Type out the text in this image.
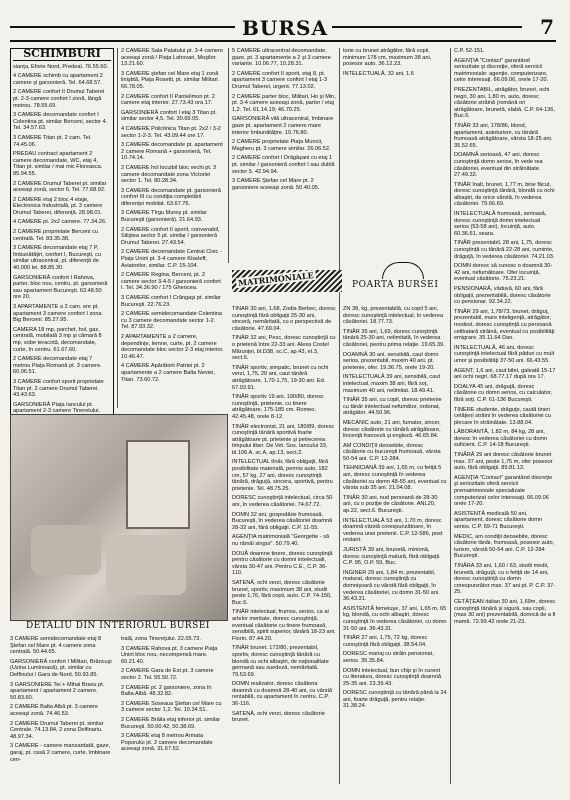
BURSA	7
SCHIMBURI

sianţa, Eforie Nord, Predeal. 76.55.60.

4 CAMERE schimb cu apartament 2 camere şi garsonieră. Tel. 64.68.57.

2 CAMERE confort II Drumul Taberei pt. 2-3 camere confort I zonă, lângă metrou. 78.55.69.

3 CAMERE decomandate confort I Colentina pt. similar Berceni, sector 4. Tel. 34.57.63.

3 CAMERE Titan pt. 2 cam. Tel. 74.45.06.

PREDAU contract apartament 2 camere decomandate, WC, etaj 4, Titan pt. similar / mai mic Floreasca. 85.94.55.

2 CAMERE Drumul Taberei pt. similar aceeaşi zonă, sector 6. Tel. 77.68.92.

2 CAMERE etaj 2 bloc 4 etaje, Electronica Industrială, pt. 3 camere Drumul Taberei, diferenţă. 28.98.01.

4 CAMERE pt. 2x2 camere. 77.34.26.

2 CAMERE proprietate Berceni cu centrală. Tel. 83.35.38.

3 CAMERE decomandate etaj 7 P, îmbunătăţiri, confort I, Bucureşti, cu similar ultracentral, pt. diferenţă de 40.000 lei. 88.85.30.

GARSONIERĂ confort I Rahova, parter, bloc nou, centru, pt. garsonieră sau apartament Bucureşti. 63.48.50 ore 20.

3 APARTAMENTE a 2 cam. ere pt. apartament 3 camere confort I zona Big Berceni. 85.27.95.

CAMERA 18 mp, parchet, hol, gaz, centrală, mobilată 3 mp şi cămară 8 mp, sobe teracotă, decomandate, curte, în centru. 61.67.60.

2 CAMERE decomandate etaj 7 metrou Piaţa Romană pt. 3 camere. 60.96.51.

3 CAMERE confort sporit proprietate Titan pt. 2 camere Drumul Taberei. 43.43.63.

GARSONIERĂ Piaţa Iancului pt. apartament 2-3 camere Tineretului.

2 CAMERE Sala Palatului pt. 3-4 camere aceeaşi zonă / Piaţa Lahovari, Moşilor. 13.21.60.

3 CAMERE ştefan cel Mare etaj 1 zonă liniştită, Piaţa Rosetti, pt. similar Militari. 66.78.05.

2 CAMERE confort II Pantelimon pt. 2 camere etaj interior. 27.73.43 ora 17.

GARSONIERĂ confort I etaj 3 Titan pt. similar sector 4,5. Tel. 30.69.05.

4 CAMERE Policlinica Titan pt. 2x2 / 3-2 sector 1-2-3. Tel. 43.09.44 ore 17.

3 CAMERE decomandate pt. apartament 2 camere Romană + garsonieră, Tel. 10.74.14.

2 CAMERE hol locuibil bloc vechi pt. 3 camere decomandate zona Victoriei sector 1. Tel. 80.28.34.

3 CAMERE decomandate pt. garsonieră confort III cu condiţia completării diferenţei mobilat. 63.67.76.

3 CAMERE Tîrgu Mureş pt. similar Bucureşti (garsonieră). 21.64.93.

2 CAMERE confort II sporit, convenabil, Siliştea sector 5 pt. similar / garsonieră Drumul Taberei. 27.43.54.

2 CAMERE decomandate Central Civic - Piaţa Unirii pt. 3-4 camere Kiseleff, Aviatorilor, similar. C.P. 15-104.

2 CAMERE Regina, Berceni, pt. 2 camere sector 3-4-5 / garsonieră confort I. Tel. 34.36.90 / 175 Ghencea.

3 CAMERE confort I Crângaşi pt. similar Bucureşti. 22.76.23.

2 CAMERE semidecomandate Colentina cu 3 camere decomandate sector 1-2. Tel. 87.93.32.

2 APARTAMENTE a 2 camere, dependinţe, lemne, curte, pt. 2 camere decomandate bloc sector 2-3 etaj interior. 10.46.47.

4 CAMERE Apărătorii Patriei pt. 2 apartamente a 2 camere Balta Neviei, Titan. 73.60.72.

5 CAMERE ultracentral decomandate, gaze, pt. 3 apartamente a 2 şi 3 camere variante. 10.06.77, 10.28.31.

2 CAMERE confort II sporit, etaj 8, pt. apartament 3 camere confort I etaj 1-3 Drumul Taberei, urgent. 77.13.02.

2 CAMERE parter bloc, Militari, Ho şi Min, pt. 3-4 camere aceeaşi zonă, parter / etaj 1,2. Tel. 61.14.19; 46.70.25.

GARSONIERĂ vilă ultracentral, îmbinare gaze pt. apartament 2 camere mare interior îmbunătăţire. 10.76.80.

2 CAMERE proprietate Piaţa Muncii, Magheru pt. 3 camere similar. 26.06.52.

2 CAMERE confort I Drăgăşani cu etaj 1 pt. similar / garsonieră confort I sau dublă sector 5. 42.94.94.

3 CAMERE Ştefan cel Mare pt. 2 garsoniere aceeaşi zonă. 50.40.05.

torie cu brunet atrăgător, fără copii, minimum 178 cm, maximum 38 ani, posesor auto. 36.12.23.

INTELECTUALĂ, 32 ani, 1.6

MATRIMONIALE	POARTA BURSEI

TINAR 30 ani, 1,68, Zodia Berbec, doresc cunoştinţă fără obligaţii 25-30 ani, sinceră, nemăritată, cu o perspectivă de căsătorie. 47.69.04.

TINĂR 32 ani, Pesc, doresc cunoştinţă cu o prietenă între 22-33 ani. Alexa Costel Mărunţei, bl.D38, sc.C, ap.43, et.3, sect.6.

TINĂR sportiv, simpatic, brunet cu ochi verzi, 1,75, 20 ani, caut tânără atrăgătoare, 1,70-1,75, 19-30 ani. Ed. 67.93.91.

TINĂR sportiv 19 ani, 190/80, doresc cunoştinţă, prietenie, cu tinere atrăgătoare, 175-185 cm. Romeo. 42.45.48, orele 8-12.

TINĂR electronist, 21 ani, 180/89, doresc cunoştinţă tânără sportivă foarte atrăgătoare pt. prietenie şi petrecerea timpului liber. De Vet. Sos. Iancului 33, bl.106 A, sc.A, ap.13, sect.2.

INTELECTUAL tînăr, fără obligaţii, fără posibilitate materială, permis auto, 182 cm, 57 kg, 27 ani, doresc cunoştinţă tânără, drăguţă, sincera, sportivă, pentru prietenie. Tel. 48.75.25.

DORESC cunoştinţă intelectual, circa 50 ani, în vederea căsătoriei. 74.67.72.

DOMN 32 ani, gospodărie frumoasă, Bucureşti, în vederea căsătoriei doamnă 28-32 ani, fără obligaţii. C.P. 11-55.

AGENŢIA matrimonială "Georgette - să nu rămâi singur". 50.79.40.

DOUĂ doamne tinere, doresc cunoştinţă pentru căsătorie cu domni intelectuali, vârsta 30-47 ani. Pentru C.E., C.P. 36-110.

SATENĂ, ochi verzi, doresc căsătorie brunet, sportiv, maximum 38 ani, studii peste 1,76, fără copii, auto. C.P. 74-150, Buc.6.

TINĂR intelectual, frumos, serios, ca al artelor meritate, doresc cunoştinţă, eventual căsătorie cu tinere frumoasă, sensibilă, spirit superior, tânără 18-23 ani. Florin. 87.44.20.

TINĂR brunet, 172/80, prezentabil, sportiv, doresc cunoştinţă tânără cu blondă cu ochi albaştri, de naţionalitate germană sau suedeză, nemăritată. 79.53.69.

DOMN realizator, doresc căsătoria doamnă cu doamnă 28-40 ani, cu vârstă rentabilă, cu apartament în centru. C.P. 36-116.

SATENĂ, ochi verzi, doresc căsătorie brunet.

ZN 38, kg, prezentabilă, cu copil 5 ani, doresc cunoştinţă intelectual, în vederea căsătoriei. 18.77.73.

TINĂR 35 ani, 1,69, doresc cunoştinţă tânără 25-30 ani, nelimitată, în vederea căsătoriei, pentru prima relaţie. 19.65.39.

DOAMNĂ 30 ani, sensibilă, caut domn serios, prezentabil, maxim 40 ani, pt. prietenie, ofer. 19.36.75, orele 19-20.

INTELECTUALĂ 39 ani, sensibilă, caut intelectual, maxim 38 ani, fără soţ, maximum 40 ani, nelimitat. 18.49.41.

TINĂR 35 ani, cu copil, doresc prietenie cu tânăr intelectual nefumător, ordonat, atrăgător. 44.50.96.

MECANIC auto, 21 ani, fumator, sincer, doresc căsătorie cu tânără atrăgătoare, lincenţă franceză şi engleză. 46.65.84.

AM CONDIŢII deosebite, doresc căsătorie cu bucureşti frumoasă, vârsta 50-54 ani. C.P. 12-284.

TEHNICIANĂ 39 ani, 1,65 m, cu fetiţă 5 ani, doresc cunoştinţă în vederea căsătoriei cu domn 48-55 ani, eventual cu vârsta sub 35 ani. 21.04.08.

TINĂR 30 ani, nud persoană de 28-30 ani, cu o poziţie de căsătorie. ANL20, ap.22, sect.6. Bucureşti.

INTELECTUALĂ 53 ani, 1.70 m, doresc doamnă vârstă corespunzătoare, în vederea unei prietenii. C.P. 12-586, post restant.

JURISTĂ 39 ani, brunetă, minionă, doresc cunoştinţă matură, fără obligaţii. C.P. 95, O.P. 59, Buc.

INGINER 29 ani, 1,84 m, prezentabil, maturat, doresc cunoştinţă cu domnişoară cu vârstă fără obligaţii, în vederea căsătoriei, cu domn 31-50 ani. 36.43.31.

ASISTENTĂ femeiuşe, 37 ani, 1,65 m, 65 kg, blondă, cu ochi albaştri, doresc cunoştinţă în vederea căsătoriei, cu domn 31-50 ani. 36.43.31.

TINĂR 27 ani, 1,75, 72 kg, doresc cunoştinţă fără obligaţii. 38.54.04.

DORESC mariaj cu străin pensionat, serios. 35.35.84.

DOMN intelectual, bun chip şi în curent cu literatura, doresc cunoştinţă doamnă 25-35 ani. 23.39.43.

DORESC cunoştinţă cu tânără până la 24 ani, foarte drăguţă, pentru relaţie. 31.38.24.

C.P. 52-151.

AGENŢIA "Contact" garantând seriozitate şi discreţie, oferă servicii matrimoniale: agenţie, computerizare, celor interesaţi. 66.09.06, orele 17-20.

PREZENTABIL, atrăgător, brunet, ochi negri, 30 ani, 1,80 m, auto, doresc căsătorie străină (română ori atrăgătoare, brunetă, slabă. C.P. 64-136, Buc.6.

TINĂR 33 ani, 178/86, blond, apartament, autoturism, cu tânără frumoasă atrăgătoare, vârsta 18-25 ani. 35.52.65.

DOAMNĂ serioasă, 47 ani, doresc cunoştinţă domn serios, în vede rea căsătoriei, eventual din străinătate. 27.49.32.

TINĂR înalt, brunet, 1,77 m, bine făcut, doresc cunoştinţă tânără, blondă cu ochi albaştri, de orice vârstă, în vederea căsătoriei. 79.66.69.

INTELECTUALĂ frumoasă, serioasă, doresc cunoştinţă domn intelectual serios (53-58 ani), locuinţă, auto. 60.36.61, seara.

TINĂR prezentabil, 28 ani, 1,75, doresc cunoştinţă cu tânără 22-28 ani, cuminte, drăguţă, în vederea căsătoriei. 74.21.03.

DOMN doresc să cunosc o doamnă 30-42 ani, nefumătoare. Ofer locuinţă, eventual căsătorie. 75.23.21.

PENSIONARĂ, văduvă, 60 ani, fără obligaţii, prezentabilă, doresc căsătorie cu pensionar. 92.34.22.

TINĂR 29 ani, 1,78/73, brunet, drăguţ, prezentabil, mare inteligenţă, atrăgător, modest, doresc cunoştinţă cu persoană celibatară străină, eventual cu posibilităţi emigrare. 35.11.64 Dan.

INTELECTUALĂ, 46 ani, doresc cunoştinţă intelectual fără păduri cu mult umor şi posibilităţi 37-50 ani. 66.43.55.

AGENT, 1,6 ani, caut bilet, galeată 15-17 ani ochi negri. 68.77.17 după ora 17.

DOALYA 45 ani, drăguţă, doresc căsătorie cu domn serios, cu calculator, fără soţi. C.P. 61-136 Bucureşti.

TINERE studente, drăguţe, caută tineri cetăţeni străini în vederea căsătoriei cu plecare în străinătate. 13.88.04.

LĂBORANTĂ, 1,82 m, 84 kg, 28 ani, doresc în vederea căsătoriei cu domn suficient. C.P. 14-18 Bucureşti.

TINĂRĂ 29 ani doresc căsătorie brunet max. 37 ani, peste 1,75 m, ofer posesor auto, fără obligaţii. 89.81.13.

AGENŢIA "Contact" garantând discreţie şi seriozitate oferă servicii prematrimoniale specializate computerizat celor interesaţi. 66.09.06 orele 17-20.

ASISTENTĂ medicală 50 ani, apartament, doresc căsătorie domn serios. C.P. 69-71 Bucureşti.

MEDIC, am condiţii deosebite, doresc căsătorie tânăr, frumoasă, posesor auto, turism, vârstă 50-54 ani. C.P. 12-284 Bucureşti.

TINĂRA 33 ani, 1,60 / 63, studii medii, brunetă, drăguţă, cu o fetiţă de 14 ani, doresc cunoştinţă cu domn corespunzător max. 37 ani pt. P. C.P. 37-25.

CETĂŢEAN italian 30 ani, 1,69m, doresc cunoştinţă tânără şi sigură, sau copii, (max 30 ani) prezentabilă, dornică de a fi mamă. 72.99.42 orele 21-23.

DETALIU DIN INTERIORUL BURSEI

3 CAMERE semidecomandate etaj 8 Ştefan cel Mare pt. 4 camere zona centrală. 50.44.65.

GARSONIERĂ confort I Militari, Brâncuşi (Uzina Luminoasă), pt. similar cu Delfinului / Gara de Nord. 50.93.85.

3 GARSONIERE Tei + Mihai Bravu pt. apartament / apartament 2 camere. 50.83.60.

2 CAMERE Balta Albă pt. 3 camere aceeaşi zonă. 74.46.53.

2 CAMERE Drumul Taberei pt. similar Centrale. 74.13.84, 2 zona Delfinariu. 48.97.34.

3 CAMERE - camere mansardată, gaze, garaj, pt. casă 2 camere, curte, îmbinare cen-

trală, zona Tinereţului. 22.05.73.

3 CAMERE Rahova pt. 3 camere Piaţa Unirii bloc nou, necompensă mare. 60.21.40.

2 CAMERE Gara de Est pt. 3 camere sector 2. Tel. 55.50.72.

2 CAMERE pt. 2 garsoniere, zona în Balta Albă. 48.32.82.

2 CAMERE Soseaua Ştefan cel Mare cu 3 camere sector 1,2. Tel. 10.34.51.

2 CAMERE Brâila etaj inferior pt. similar Bucureşti. 50.00.42, 50.38.69.

3 CAMERE etaj 8 metrou Armata Poporului pt. 2 camere decomandate aceeaşi zonă. 31.67.52.
